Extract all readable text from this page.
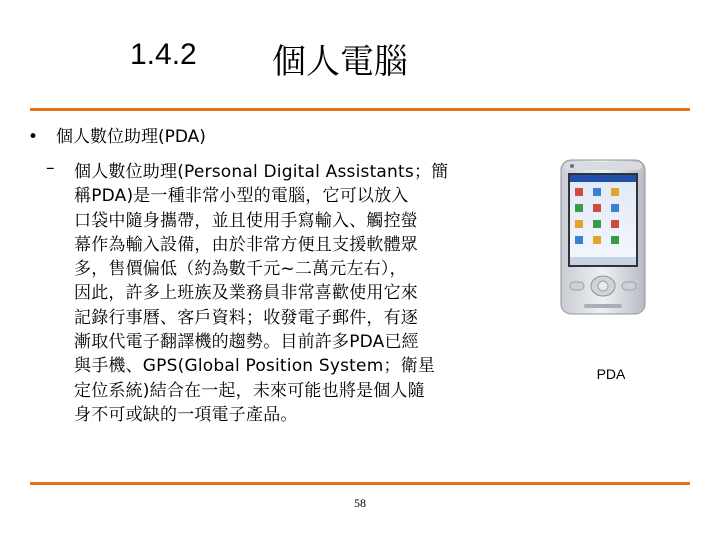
1.4.2 個人電腦
• 個人數位助理(PDA)
– 個人數位助理(Personal Digital Assistants；簡
稱PDA)是一種非常小型的電腦，它可以放入
口袋中隨身攜帶，並且使用手寫輸入、觸控螢
幕作為輸入設備，由於非常方便且支援軟體眾
多，售價偏低（約為數千元~二萬元左右），
因此，許多上班族及業務員非常喜歡使用它來
記錄行事曆、客戶資料；收發電子郵件，有逐
漸取代電子翻譯機的趨勢。目前許多PDA已經
與手機、GPS(Global Position System；衛星
定位系統)結合在一起，未來可能也將是個人隨
身不可或缺的一項電子產品。
PDA
58
